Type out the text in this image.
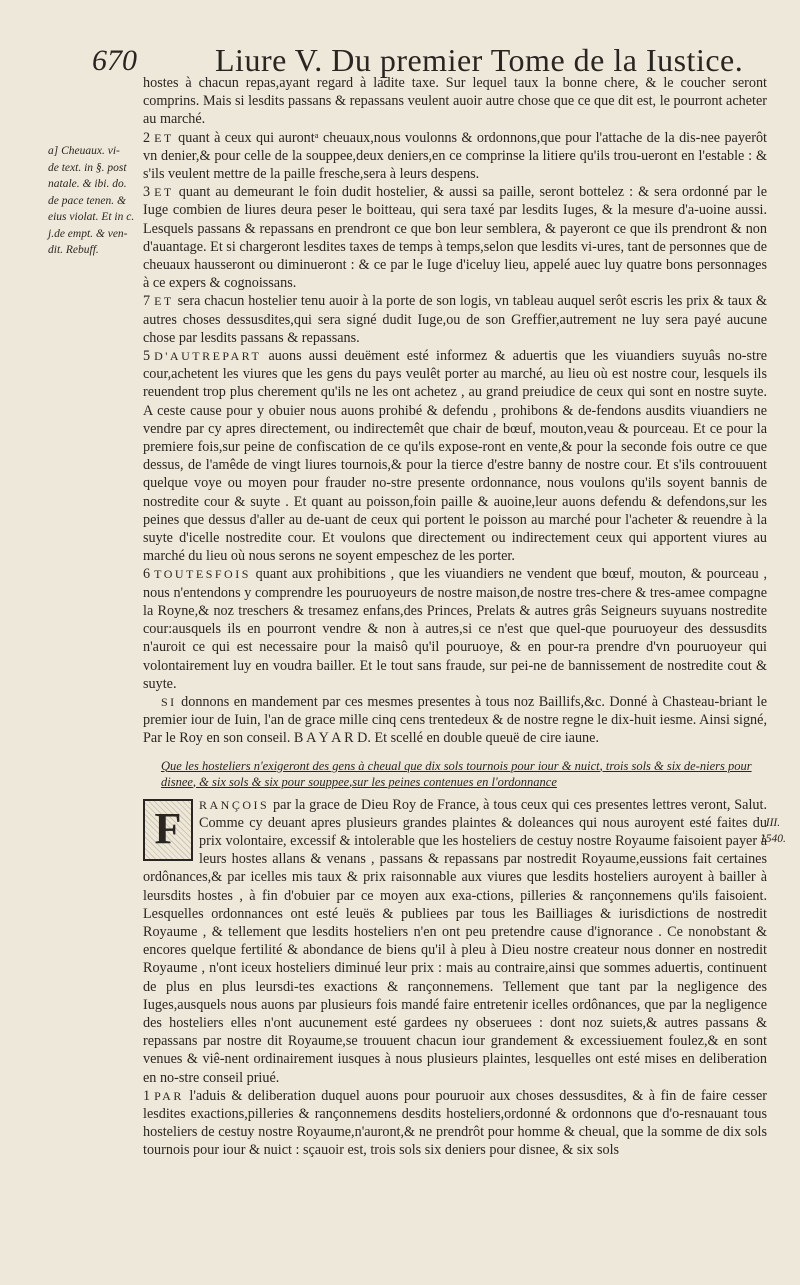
670 Liure V. Du premier Tome de la Iustice.
a] Cheuaux. vi-
de text. in §. post
natale. & ibi. do.
de pace tenen. &
eius violat. Et in c.
j.de empt. & ven-
dit. Rebuff.
III.
1540.

hostes à chacun repas,ayant regard à ladite taxe. Sur lequel taux la bonne chere, & le coucher seront comprins. Mais si lesdits passans & repassans veulent auoir autre chose que ce que dit est, le pourront acheter au marché.

2 ET quant à ceux qui aurontᵃ cheuaux,nous voulonns & ordonnons,que pour l'attache de la dis-nee payerôt vn denier,& pour celle de la souppee,deux deniers,en ce comprinse la litiere qu'ils trou-ueront en l'estable : & s'ils veulent mettre de la paille fresche,sera à leurs despens.

3 ET quant au demeurant le foin dudit hostelier, & aussi sa paille, seront bottelez : & sera ordonné par le Iuge combien de liures deura peser le boitteau, qui sera taxé par lesdits Iuges, & la mesure d'a-uoine aussi. Lesquels passans & repassans en prendront ce que bon leur semblera, & payeront ce que ils prendront & non d'auantage. Et si chargeront lesdites taxes de temps à temps,selon que lesdits vi-ures, tant de personnes que de cheuaux hausseront ou diminueront : & ce par le Iuge d'iceluy lieu, appelé auec luy quatre bons personnages à ce expers & cognoissans.

7 ET sera chacun hostelier tenu auoir à la porte de son logis, vn tableau auquel serôt escris les prix & taux & autres choses dessusdites,qui sera signé dudit Iuge,ou de son Greffier,autrement ne luy sera payé aucune chose par lesdits passans & repassans.

5 D'AUTREPART auons aussi deuëment esté informez & aduertis que les viuandiers suyuâs no-stre cour,achetent les viures que les gens du pays veulêt porter au marché, au lieu où est nostre cour, lesquels ils reuendent trop plus cherement qu'ils ne les ont achetez , au grand preiudice de ceux qui sont en nostre suyte. A ceste cause pour y obuier nous auons prohibé & defendu , prohibons & de-fendons ausdits viuandiers ne vendre par cy apres directement, ou indirectemêt que chair de bœuf, mouton,veau & pourceau. Et ce pour la premiere fois,sur peine de confiscation de ce qu'ils expose-ront en vente,& pour la seconde fois outre ce que dessus, de l'amêde de vingt liures tournois,& pour la tierce d'estre banny de nostre cour. Et s'ils controuuent quelque voye ou moyen pour frauder no-stre presente ordonnance, nous voulons qu'ils soyent bannis de nostredite cour & suyte . Et quant au poisson,foin paille & auoine,leur auons defendu & defendons,sur les peines que dessus d'aller au de-uant de ceux qui portent le poisson au marché pour l'acheter & reuendre à la suyte d'icelle nostredite cour. Et voulons que directement ou indirectement ceux qui apportent viures au marché du lieu où nous serons ne soyent empeschez de les porter.

6 TOUTESFOIS quant aux prohibitions , que les viuandiers ne vendent que bœuf, mouton, & pourceau , nous n'entendons y comprendre les pouruoyeurs de nostre maison,de nostre tres-chere & tres-amee compagne la Royne,& noz treschers & tresamez enfans,des Princes, Prelats & autres grâs Seigneurs suyuans nostredite cour:ausquels ils en pourront vendre & non à autres,si ce n'est que quel-que pouruoyeur des dessusdits n'auroit ce qui est necessaire pour la maisô qu'il pouruoye, & en pour-ra prendre d'vn pouruoyeur qui volontairement luy en voudra bailler. Et le tout sans fraude, sur pei-ne de bannissement de nostredite cout & suyte.

SI donnons en mandement par ces mesmes presentes à tous noz Baillifs,&c. Donné à Chasteau-briant le premier iour de Iuin, l'an de grace mille cinq cens trentedeux & de nostre regne le dix-huit iesme. Ainsi signé, Par le Roy en son conseil. B A Y A R D. Et scellé en double queuë de cire iaune.

Que les hosteliers n'exigeront des gens à cheual que dix sols tournois pour iour & nuict, trois sols & six de-niers pour disnee, & six sols & six pour souppee,sur les peines contenues en l'ordonnance
F	RANÇOIS par la grace de Dieu Roy de France, à tous ceux qui ces presentes lettres veront, Salut. Comme cy deuant apres plusieurs grandes plaintes & doleances qui nous auroyent esté faites du prix volontaire, excessif & intolerable que les hosteliers de cestuy nostre Royaume faisoient payer à leurs hostes allans & venans , passans & repassans par nostredit Royaume,eussions fait certaines ordônances,& par icelles mis taux & prix raisonnable aux viures que lesdits hosteliers auroyent à bailler à leursdits hostes , à fin d'obuier par ce moyen aux exa-ctions, pilleries & rançonnemens qu'ils faisoient. Lesquelles ordonnances ont esté leuës & publiees par tous les Bailliages & iurisdictions de nostredit Royaume , & tellement que lesdits hosteliers n'en ont peu pretendre cause d'ignorance . Ce nonobstant & encores quelque fertilité & abondance de biens qu'il à pleu à Dieu nostre createur nous donner en nostredit Royaume , n'ont iceux hosteliers diminué leur prix : mais au contraire,ainsi que sommes aduertis, continuent de plus en plus leursdi-tes exactions & rançonnemens. Tellement que tant par la negligence des Iuges,ausquels nous auons par plusieurs fois mandé faire entretenir icelles ordônances, que par la negligence des hosteliers elles n'ont aucunement esté gardees ny obseruees : dont noz suiets,& autres passans & repassans par nostre dit Royaume,se trouuent chacun iour grandement & excessiuement foulez,& en sont venues & viê-nent ordinairement iusques à nous plusieurs plaintes, lesquelles ont esté mises en deliberation en no-stre conseil priué.

1 PAR l'aduis & deliberation duquel auons pour pouruoir aux choses dessusdites, & à fin de faire cesser lesdites exactions,pilleries & rançonnemens desdits hosteliers,ordonné & ordonnons que d'o-resnauant tous hosteliers de cestuy nostre Royaume,n'auront,& ne prendrôt pour homme & cheual, que la somme de dix sols tournois pour iour & nuict : sçauoir est, trois sols six deniers pour disnee, & six sols
